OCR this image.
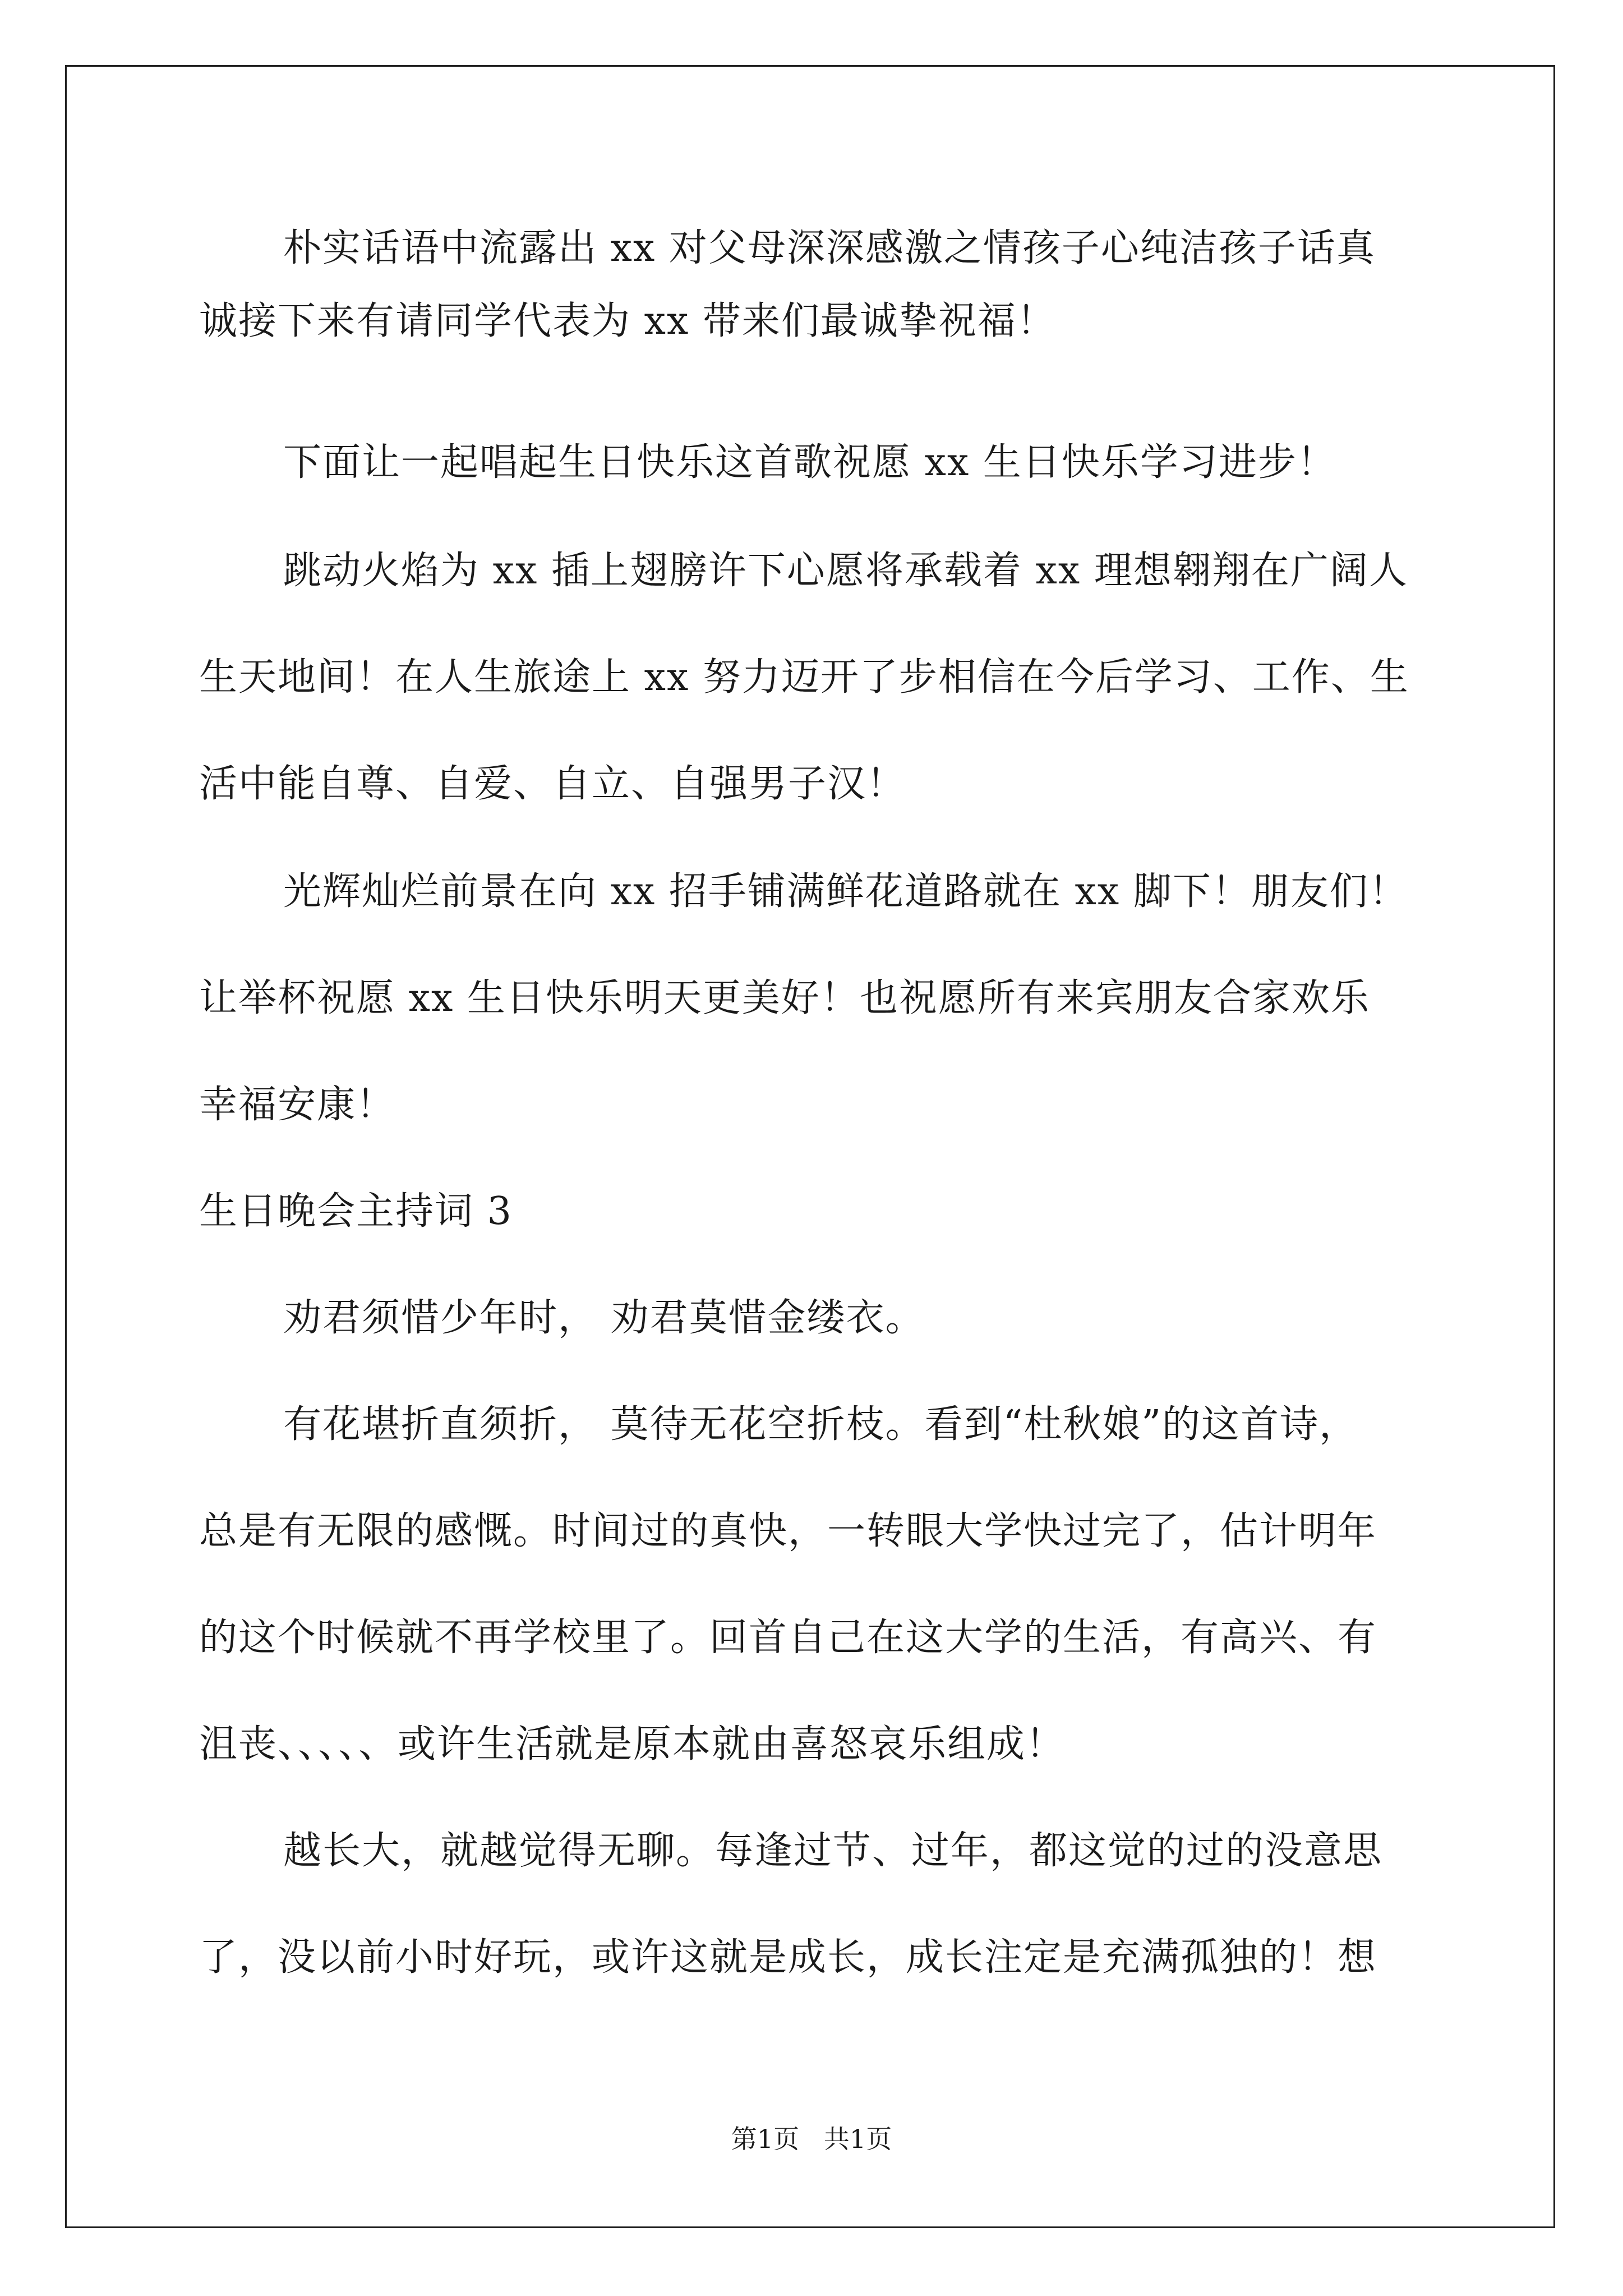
朴实话语中流露出 xx 对父母深深感激之情孩子心纯洁孩子话真
诚接下来有请同学代表为 xx 带来们最诚挚祝福！
下面让一起唱起生日快乐这首歌祝愿 xx 生日快乐学习进步！
跳动火焰为 xx 插上翅膀许下心愿将承载着 xx 理想翱翔在广阔人
生天地间！在人生旅途上 xx 努力迈开了步相信在今后学习、工作、生
活中能自尊、自爱、自立、自强男子汉！
光辉灿烂前景在向 xx 招手铺满鲜花道路就在 xx 脚下！朋友们！
让举杯祝愿 xx 生日快乐明天更美好！也祝愿所有来宾朋友合家欢乐
幸福安康！
生日晚会主持词 3
劝君须惜少年时， 劝君莫惜金缕衣。
有花堪折直须折， 莫待无花空折枝。看到“杜秋娘”的这首诗，
总是有无限的感慨。时间过的真快，一转眼大学快过完了，估计明年
的这个时候就不再学校里了。回首自己在这大学的生活，有高兴、有
沮丧、、、、、或许生活就是原本就由喜怒哀乐组成！
越长大，就越觉得无聊。每逢过节、过年，都这觉的过的没意思
了，没以前小时好玩，或许这就是成长，成长注定是充满孤独的！想
第1页   共1页
